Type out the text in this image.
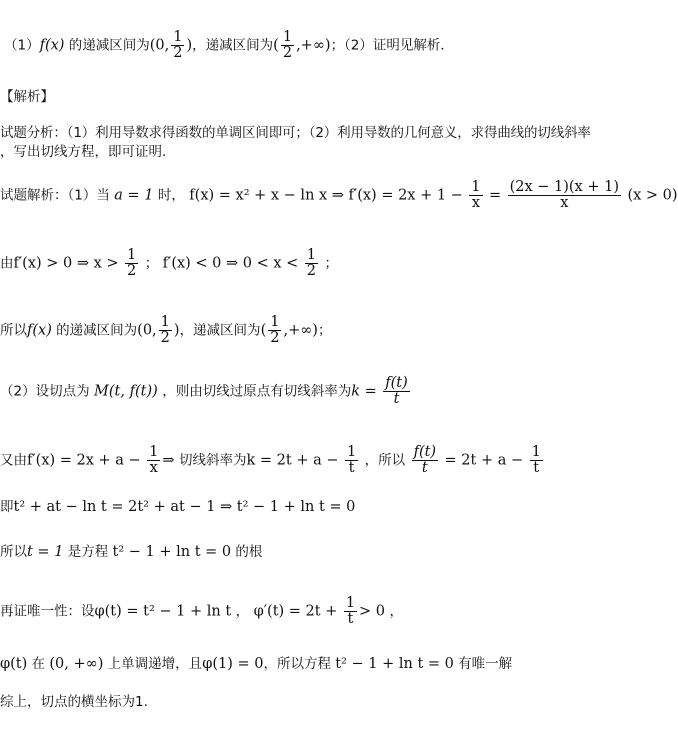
（1）f(x) 的递减区间为(0, $\frac{1}{2}$ )，递减区间为( $\frac{1}{2}$ ,+∞)；（2）证明见解析．
【解析】
试题分析：（1）利用导数求得函数的单调区间即可；（2）利用导数的几何意义，求得曲线的切线斜率
，写出切线方程，即可证明.
试题解析：（1）当 a = 1 时， f(x) = x² + x − ln x ⇒ $f'(x) = 2x + 1 - \frac{1}{x} = \frac{(2x - 1)(x + 1)}{x} (x > 0)$
由f′(x) > 0 ⇒ $x > \frac{1}{2}$ ； f′(x) < 0 ⇒ $0 < x < \frac{1}{2}$ ；
所以f(x) 的递减区间为(0, $\frac{1}{2}$ )，递减区间为( $\frac{1}{2}$ ,+∞)；
（2）设切点为 M(t, f(t)) ，则由切线过原点有切线斜率为$k = \frac{f(t)}{t}$
又由$f'(x) = 2x + a - \frac{1}{x}$ ⇒ 切线斜率为$k = 2t + a - \frac{1}{t}$ ，所以 $\frac{f(t)}{t} = 2t + a - \frac{1}{t}$
即t² + at − ln t = 2t² + at − 1 ⇒ t² − 1 + ln t = 0
所以t = 1 是方程 t² − 1 + ln t = 0 的根
再证唯一性：设φ(t) = t² − 1 + ln t ， $\varphi'(t) = 2t + \frac{1}{t} > 0$ ，
φ(t) 在 (0, +∞) 上单调递增，且φ(1) = 0，所以方程 t² − 1 + ln t = 0 有唯一解
综上，切点的横坐标为1.
